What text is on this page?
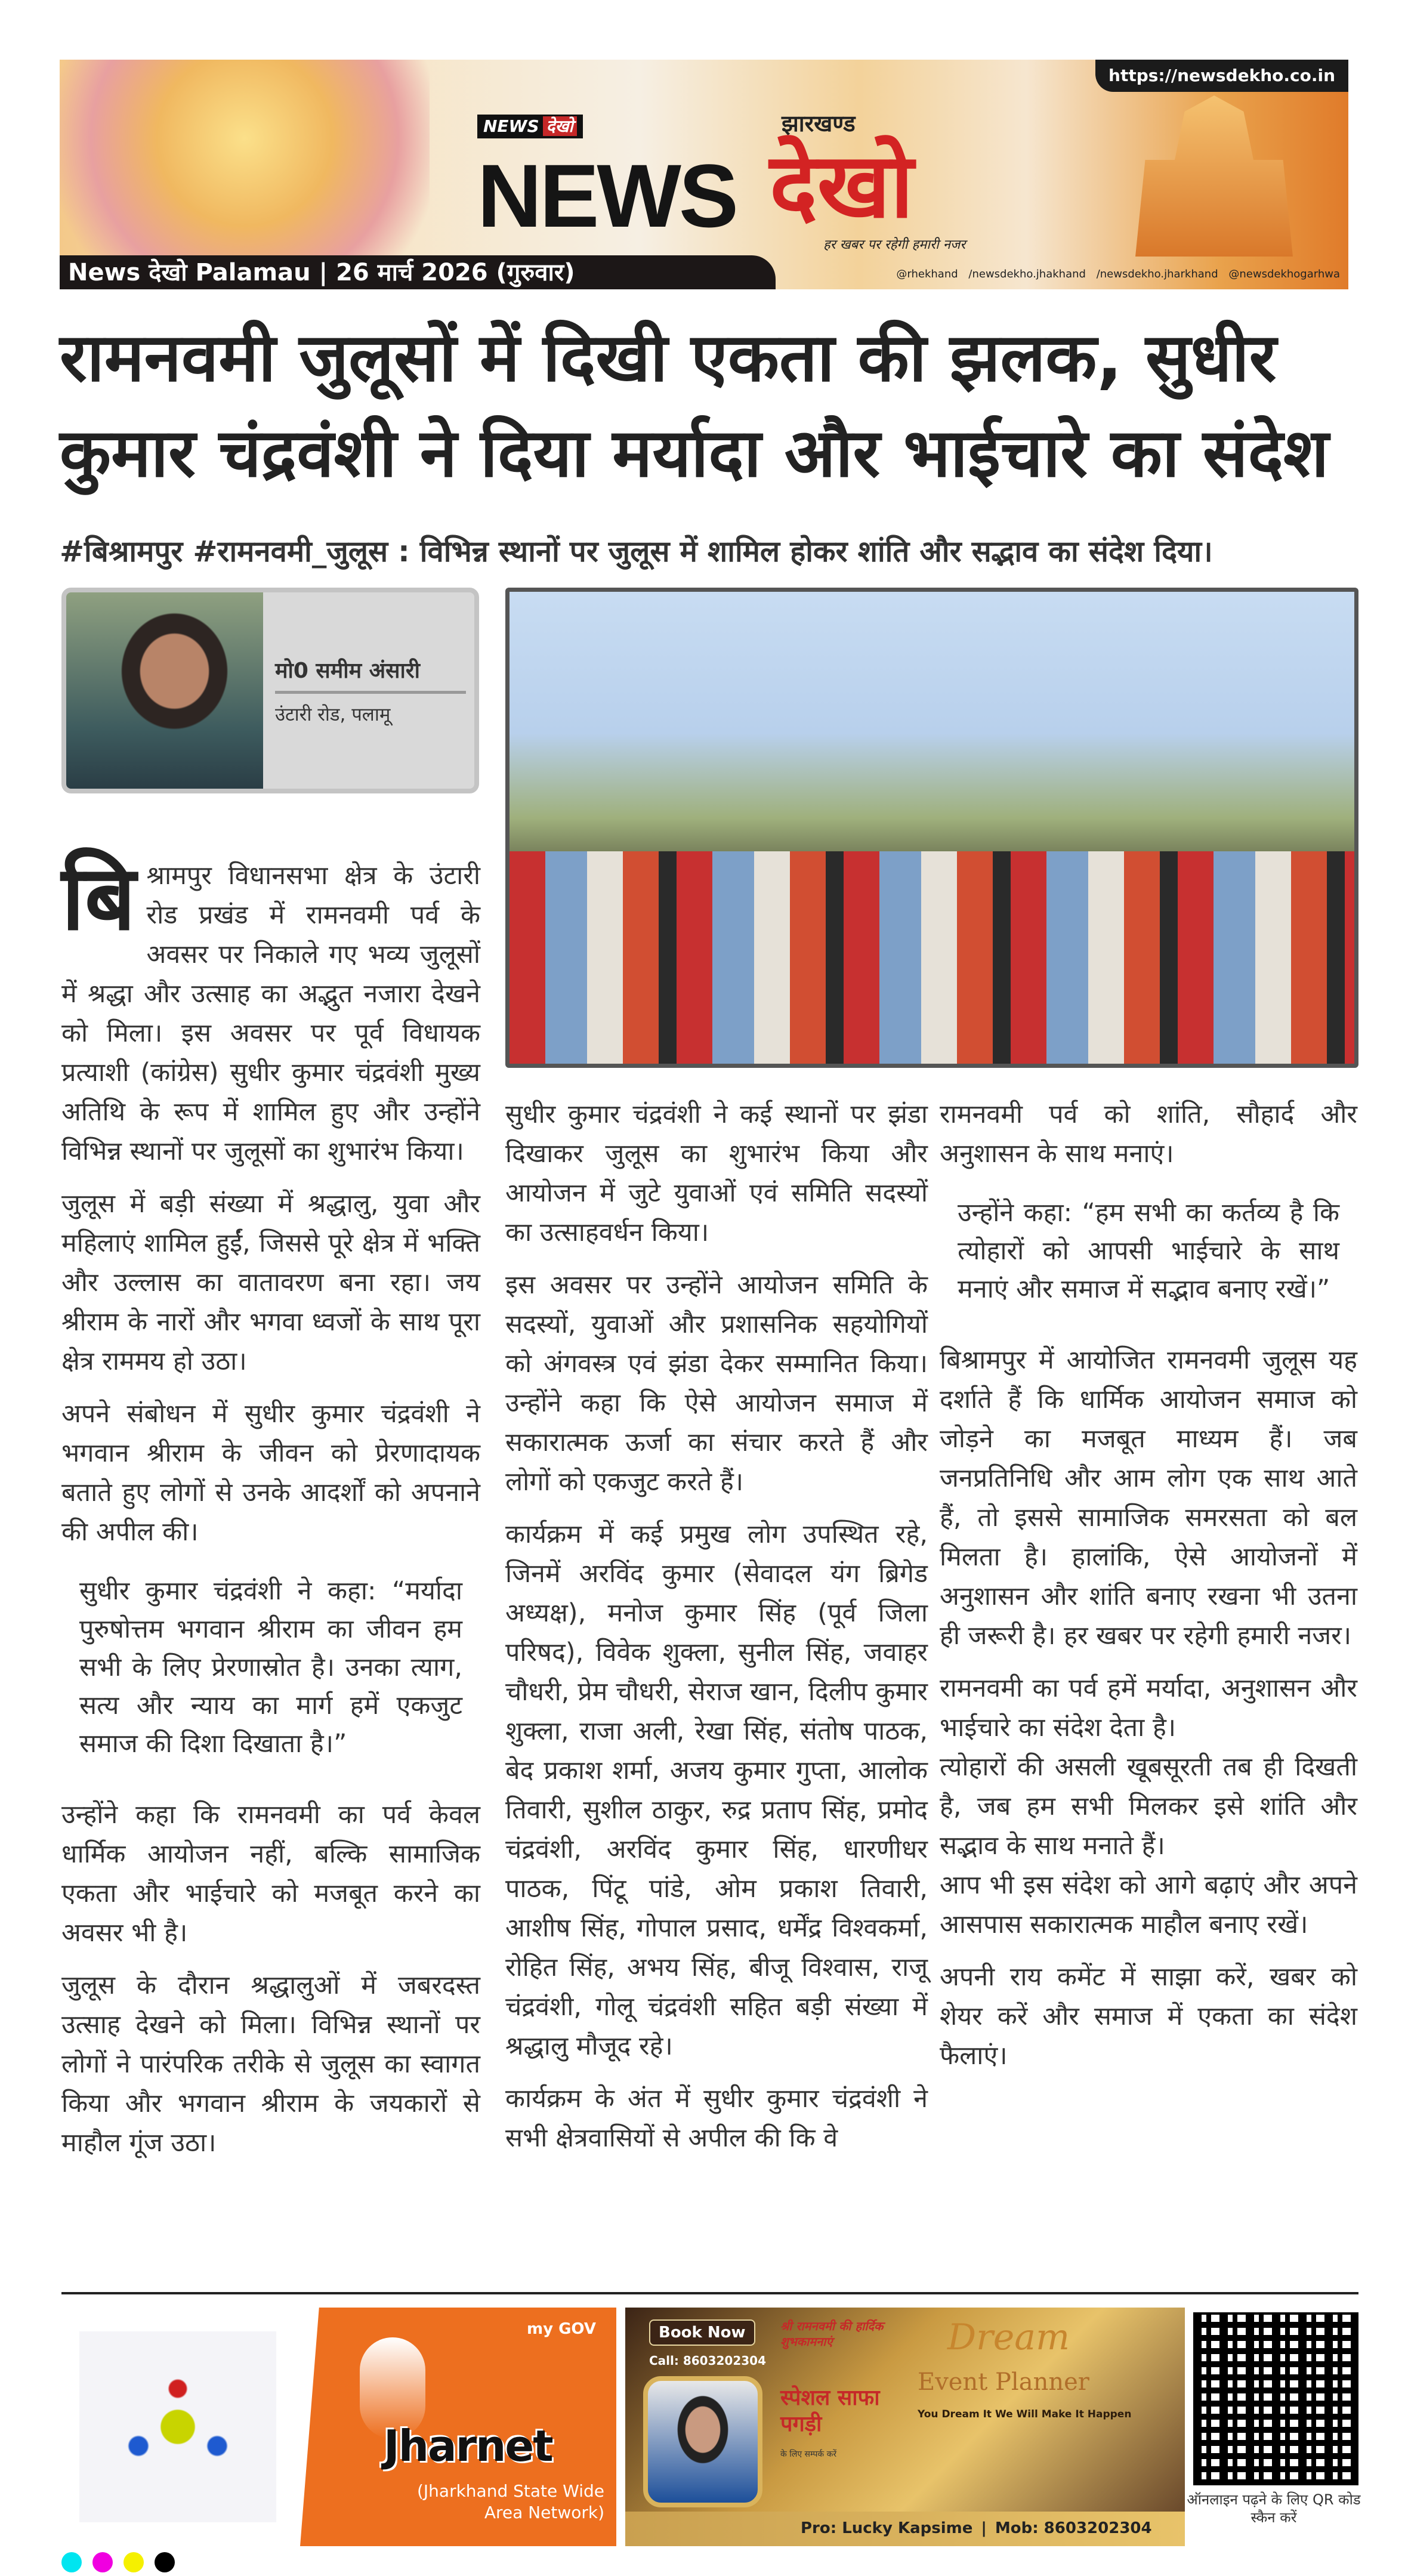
https://newsdekho.co.in
NEWS देखो
NEWS
झारखण्ड
देखो
हर खबर पर रहेगी हमारी नजर
News देखो Palamau | 26 मार्च 2026 (गुरुवार)	@rhekhand /newsdekho.jhakhand /newsdekho.jharkhand @newsdekhogarhwa
रामनवमी जुलूसों में दिखी एकता की झलक, सुधीर कुमार चंद्रवंशी ने दिया मर्यादा और भाईचारे का संदेश
#बिश्रामपुर #रामनवमी_जुलूस : विभिन्न स्थानों पर जुलूस में शामिल होकर शांति और सद्भाव का संदेश दिया।
मो0 समीम अंसारी
उंटारी रोड, पलामू

बिश्रामपुर विधानसभा क्षेत्र के उंटारी रोड प्रखंड में रामनवमी पर्व के अवसर पर निकाले गए भव्य जुलूसों में श्रद्धा और उत्साह का अद्भुत नजारा देखने को मिला। इस अवसर पर पूर्व विधायक प्रत्याशी (कांग्रेस) सुधीर कुमार चंद्रवंशी मुख्य अतिथि के रूप में शामिल हुए और उन्होंने विभिन्न स्थानों पर जुलूसों का शुभारंभ किया।

जुलूस में बड़ी संख्या में श्रद्धालु, युवा और महिलाएं शामिल हुईं, जिससे पूरे क्षेत्र में भक्ति और उल्लास का वातावरण बना रहा। जय श्रीराम के नारों और भगवा ध्वजों के साथ पूरा क्षेत्र राममय हो उठा।

अपने संबोधन में सुधीर कुमार चंद्रवंशी ने भगवान श्रीराम के जीवन को प्रेरणादायक बताते हुए लोगों से उनके आदर्शों को अपनाने की अपील की।

सुधीर कुमार चंद्रवंशी ने कहा: “मर्यादा पुरुषोत्तम भगवान श्रीराम का जीवन हम सभी के लिए प्रेरणास्रोत है। उनका त्याग, सत्य और न्याय का मार्ग हमें एकजुट समाज की दिशा दिखाता है।”

उन्होंने कहा कि रामनवमी का पर्व केवल धार्मिक आयोजन नहीं, बल्कि सामाजिक एकता और भाईचारे को मजबूत करने का अवसर भी है।

जुलूस के दौरान श्रद्धालुओं में जबरदस्त उत्साह देखने को मिला। विभिन्न स्थानों पर लोगों ने पारंपरिक तरीके से जुलूस का स्वागत किया और भगवान श्रीराम के जयकारों से माहौल गूंज उठा।

सुधीर कुमार चंद्रवंशी ने कई स्थानों पर झंडा दिखाकर जुलूस का शुभारंभ किया और आयोजन में जुटे युवाओं एवं समिति सदस्यों का उत्साहवर्धन किया।

इस अवसर पर उन्होंने आयोजन समिति के सदस्यों, युवाओं और प्रशासनिक सहयोगियों को अंगवस्त्र एवं झंडा देकर सम्मानित किया। उन्होंने कहा कि ऐसे आयोजन समाज में सकारात्मक ऊर्जा का संचार करते हैं और लोगों को एकजुट करते हैं।

कार्यक्रम में कई प्रमुख लोग उपस्थित रहे, जिनमें अरविंद कुमार (सेवादल यंग ब्रिगेड अध्यक्ष), मनोज कुमार सिंह (पूर्व जिला परिषद), विवेक शुक्ला, सुनील सिंह, जवाहर चौधरी, प्रेम चौधरी, सेराज खान, दिलीप कुमार शुक्ला, राजा अली, रेखा सिंह, संतोष पाठक, बेद प्रकाश शर्मा, अजय कुमार गुप्ता, आलोक तिवारी, सुशील ठाकुर, रुद्र प्रताप सिंह, प्रमोद चंद्रवंशी, अरविंद कुमार सिंह, धारणीधर पाठक, पिंटू पांडे, ओम प्रकाश तिवारी, आशीष सिंह, गोपाल प्रसाद, धर्मेंद्र विश्वकर्मा, रोहित सिंह, अभय सिंह, बीजू विश्वास, राजू चंद्रवंशी, गोलू चंद्रवंशी सहित बड़ी संख्या में श्रद्धालु मौजूद रहे।

कार्यक्रम के अंत में सुधीर कुमार चंद्रवंशी ने सभी क्षेत्रवासियों से अपील की कि वे

रामनवमी पर्व को शांति, सौहार्द और अनुशासन के साथ मनाएं।

उन्होंने कहा: “हम सभी का कर्तव्य है कि त्योहारों को आपसी भाईचारे के साथ मनाएं और समाज में सद्भाव बनाए रखें।”

बिश्रामपुर में आयोजित रामनवमी जुलूस यह दर्शाते हैं कि धार्मिक आयोजन समाज को जोड़ने का मजबूत माध्यम हैं। जब जनप्रतिनिधि और आम लोग एक साथ आते हैं, तो इससे सामाजिक समरसता को बल मिलता है। हालांकि, ऐसे आयोजनों में अनुशासन और शांति बनाए रखना भी उतना ही जरूरी है। हर खबर पर रहेगी हमारी नजर।

रामनवमी का पर्व हमें मर्यादा, अनुशासन और भाईचारे का संदेश देता है।
त्योहारों की असली खूबसूरती तब ही दिखती है, जब हम सभी मिलकर इसे शांति और सद्भाव के साथ मनाते हैं।
आप भी इस संदेश को आगे बढ़ाएं और अपने आसपास सकारात्मक माहौल बनाए रखें।

अपनी राय कमेंट में साझा करें, खबर को शेयर करें और समाज में एकता का संदेश फैलाएं।

my GOV
Jharnet
(Jharkhand State Wide Area Network)
Book Now
Call: 8603202304
श्री रामनवमी की हार्दिक शुभकामनाएं
स्पेशल साफा पगड़ी
के लिए सम्पर्क करें
Dream
Event Planner
You Dream It We Will Make It Happen
Pro: Lucky Kapsime | Mob: 8603202304
ऑनलाइन पढ़ने के लिए QR कोड स्कैन करें
